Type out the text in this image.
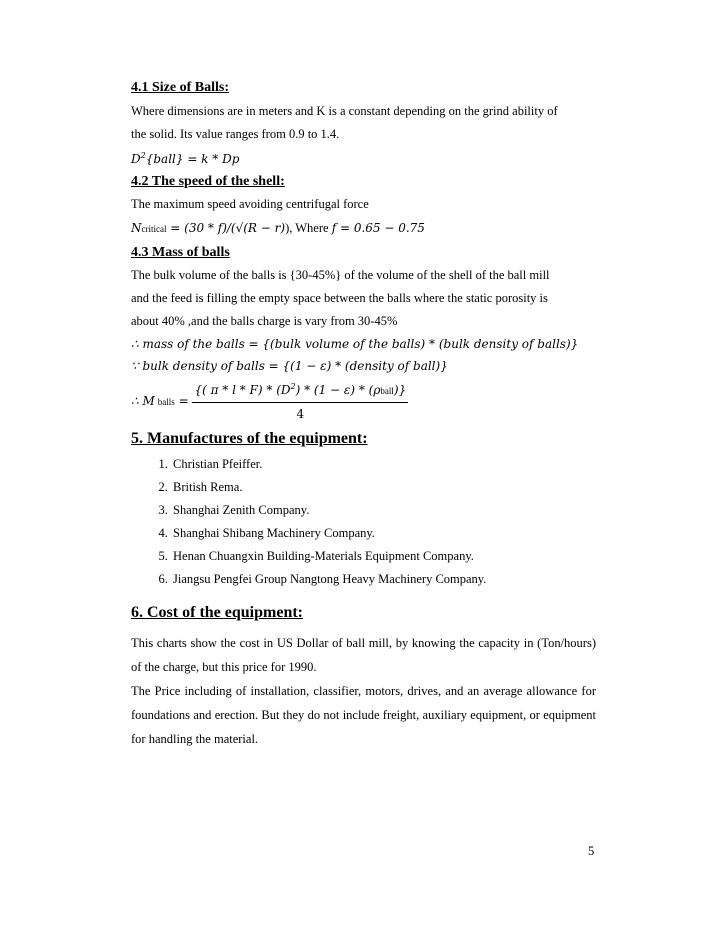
4.1 Size of Balls:

Where dimensions are in meters and K is a constant depending on the grind ability of

the solid. Its value ranges from 0.9 to 1.4.

$D^2\{ball\} = k * Dp$

4.2 The speed of the shell:

The maximum speed avoiding centrifugal force

Ncritical = (30 * f)/(√(R − r)), Where f = 0.65 − 0.75

4.3 Mass of balls

The bulk volume of the balls is {30-45%} of the volume of the shell of the ball mill

and the feed is filling the empty space between the balls where the static porosity is

about 40% ,and the balls charge is vary from 30-45%

∴ mass of the balls = {(bulk volume of the balls) * (bulk density of balls)}

∵ bulk density of balls = {(1 − ε) * (density of ball)}

∴ M balls = $\frac{\{( \pi * l * F) * (D^2) * (1 - \varepsilon) * (\rho ball)\}}{4}$

5. Manufactures of the equipment:
1. Christian Pfeiffer.
2. British Rema.
3. Shanghai Zenith Company.
4. Shanghai Shibang Machinery Company.
5. Henan Chuangxin Building-Materials Equipment Company.
6. Jiangsu Pengfei Group Nangtong Heavy Machinery Company.
6. Cost of the equipment:

This charts show the cost in US Dollar of ball mill, by knowing the capacity in (Ton/hours) of the charge, but this price for 1990.

The Price including of installation, classifier, motors, drives, and an average allowance for foundations and erection. But they do not include freight, auxiliary equipment, or equipment for handling the material.

5
